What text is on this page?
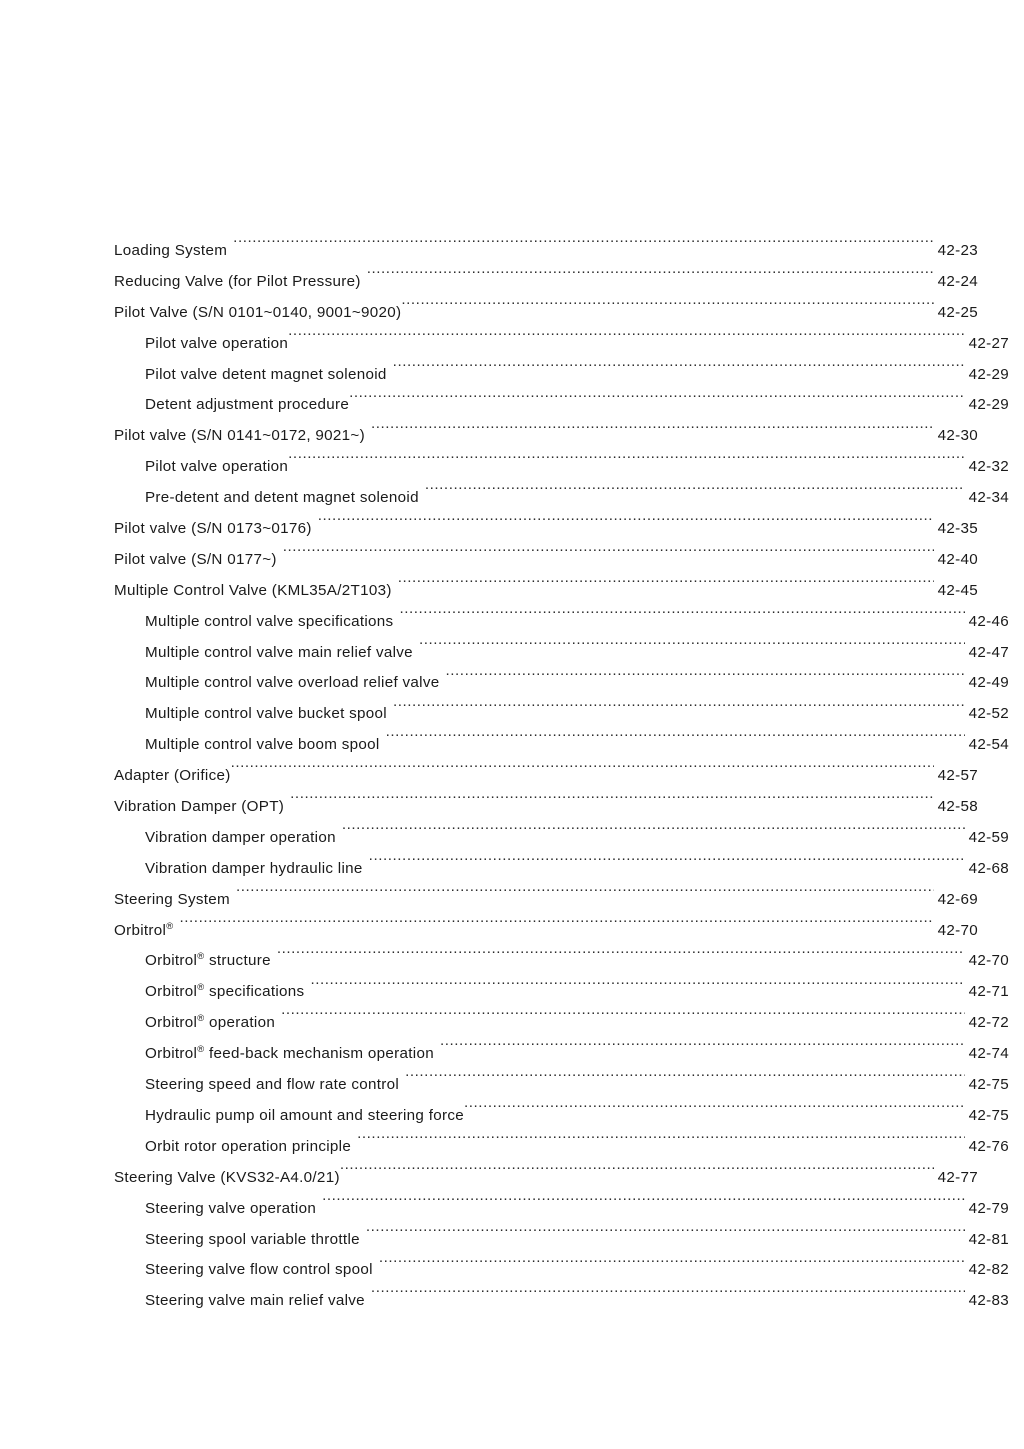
Loading System .....	42-23
Reducing Valve (for Pilot Pressure) .....	42-24
Pilot Valve (S/N 0101~0140, 9001~9020) .....	42-25
Pilot valve operation .....	42-27
Pilot valve detent magnet solenoid .....	42-29
Detent adjustment procedure .....	42-29
Pilot valve (S/N 0141~0172, 9021~) .....	42-30
Pilot valve operation .....	42-32
Pre-detent and detent magnet solenoid .....	42-34
Pilot valve (S/N 0173~0176) .....	42-35
Pilot valve (S/N 0177~) .....	42-40
Multiple Control Valve (KML35A/2T103) .....	42-45
Multiple control valve specifications .....	42-46
Multiple control valve main relief valve .....	42-47
Multiple control valve overload relief valve .....	42-49
Multiple control valve bucket spool .....	42-52
Multiple control valve boom spool .....	42-54
Adapter (Orifice) .....	42-57
Vibration Damper (OPT) .....	42-58
Vibration damper operation .....	42-59
Vibration damper hydraulic line .....	42-68
Steering System .....	42-69
Orbitrol® .....	42-70
Orbitrol® structure .....	42-70
Orbitrol® specifications .....	42-71
Orbitrol® operation .....	42-72
Orbitrol® feed-back mechanism operation .....	42-74
Steering speed and flow rate control .....	42-75
Hydraulic pump oil amount and steering force .....	42-75
Orbit rotor operation principle .....	42-76
Steering Valve (KVS32-A4.0/21) .....	42-77
Steering valve operation .....	42-79
Steering spool variable throttle .....	42-81
Steering valve flow control spool .....	42-82
Steering valve main relief valve .....	42-83
